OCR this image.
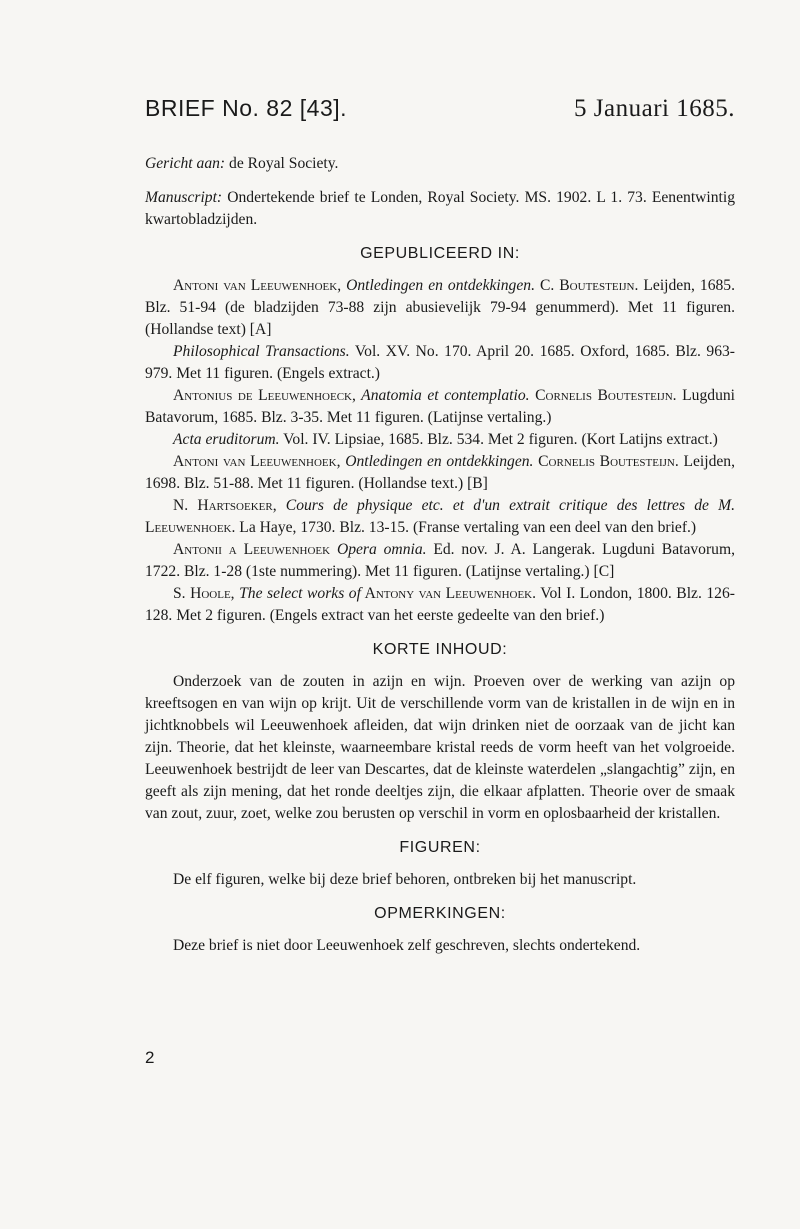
BRIEF No. 82 [43].	5 Januari 1685.

Gericht aan: de Royal Society.

Manuscript: Ondertekende brief te Londen, Royal Society. MS. 1902. L 1. 73. Eenentwintig kwartobladzijden.

GEPUBLICEERD IN:

Antoni van Leeuwenhoek, Ontledingen en ontdekkingen. C. Boutesteijn. Leijden, 1685. Blz. 51-94 (de bladzijden 73-88 zijn abusievelijk 79-94 genummerd). Met 11 figuren. (Hollandse text) [A]

Philosophical Transactions. Vol. XV. No. 170. April 20. 1685. Oxford, 1685. Blz. 963-979. Met 11 figuren. (Engels extract.)

Antonius de Leeuwenhoeck, Anatomia et contemplatio. Cornelis Boutesteijn. Lugduni Batavorum, 1685. Blz. 3-35. Met 11 figuren. (Latijnse vertaling.)

Acta eruditorum. Vol. IV. Lipsiae, 1685. Blz. 534. Met 2 figuren. (Kort Latijns extract.)

Antoni van Leeuwenhoek, Ontledingen en ontdekkingen. Cornelis Boutesteijn. Leijden, 1698. Blz. 51-88. Met 11 figuren. (Hollandse text.) [B]

N. Hartsoeker, Cours de physique etc. et d'un extrait critique des lettres de M. Leeuwenhoek. La Haye, 1730. Blz. 13-15. (Franse vertaling van een deel van den brief.)

Antonii a Leeuwenhoek Opera omnia. Ed. nov. J. A. Langerak. Lugduni Batavorum, 1722. Blz. 1-28 (1ste nummering). Met 11 figuren. (Latijnse vertaling.) [C]

S. Hoole, The select works of Antony van Leeuwenhoek. Vol I. London, 1800. Blz. 126-128. Met 2 figuren. (Engels extract van het eerste gedeelte van den brief.)

KORTE INHOUD:

Onderzoek van de zouten in azijn en wijn. Proeven over de werking van azijn op kreeftsogen en van wijn op krijt. Uit de verschillende vorm van de kristallen in de wijn en in jichtknobbels wil Leeuwenhoek afleiden, dat wijn drinken niet de oorzaak van de jicht kan zijn. Theorie, dat het kleinste, waarneembare kristal reeds de vorm heeft van het volgroeide. Leeuwenhoek bestrijdt de leer van Descartes, dat de kleinste waterdelen „slangachtig” zijn, en geeft als zijn mening, dat het ronde deeltjes zijn, die elkaar afplatten. Theorie over de smaak van zout, zuur, zoet, welke zou berusten op verschil in vorm en oplosbaarheid der kristallen.

FIGUREN:

De elf figuren, welke bij deze brief behoren, ontbreken bij het manuscript.

OPMERKINGEN:

Deze brief is niet door Leeuwenhoek zelf geschreven, slechts ondertekend.

2
